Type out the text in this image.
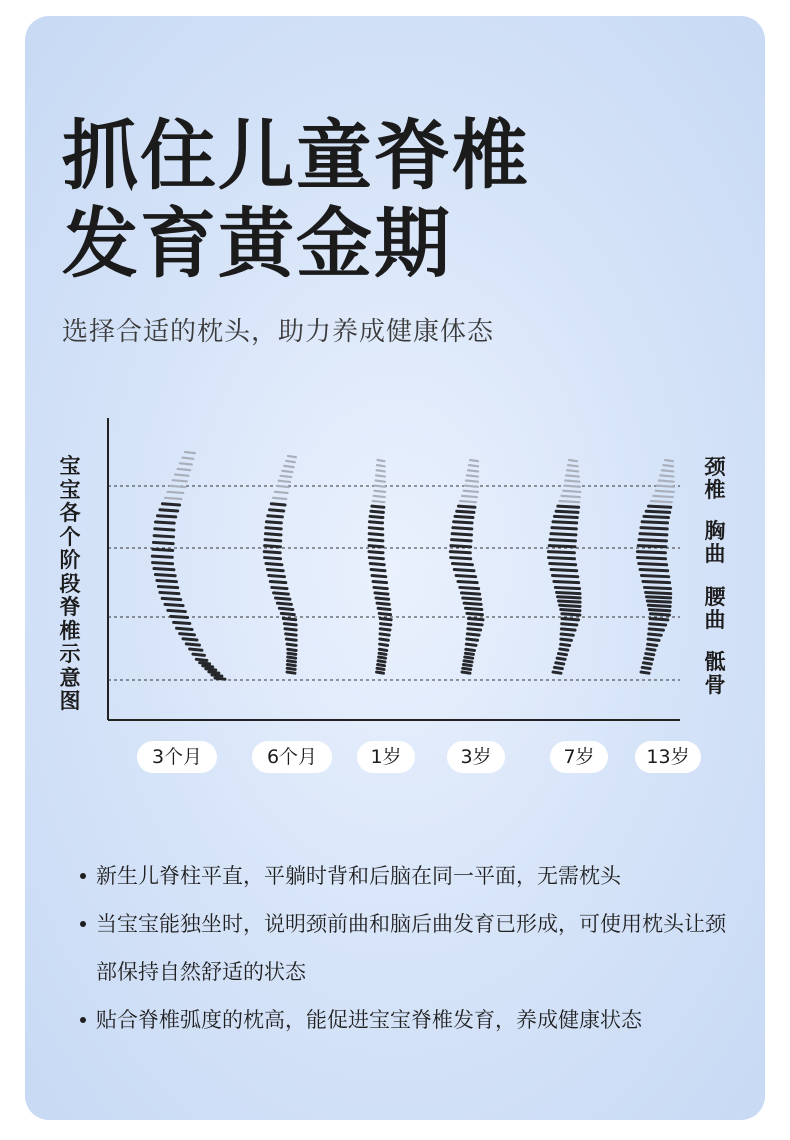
抓住儿童脊椎
发育黄金期
选择合适的枕头，助力养成健康体态
宝宝各个阶段脊椎示意图
颈椎
胸曲
腰曲
骶骨
3个月	6个月	1岁	3岁	7岁	13岁
新生儿脊柱平直，平躺时背和后脑在同一平面，无需枕头
当宝宝能独坐时，说明颈前曲和脑后曲发育已形成，可使用枕头让颈部保持自然舒适的状态
贴合脊椎弧度的枕高，能促进宝宝脊椎发育，养成健康状态
